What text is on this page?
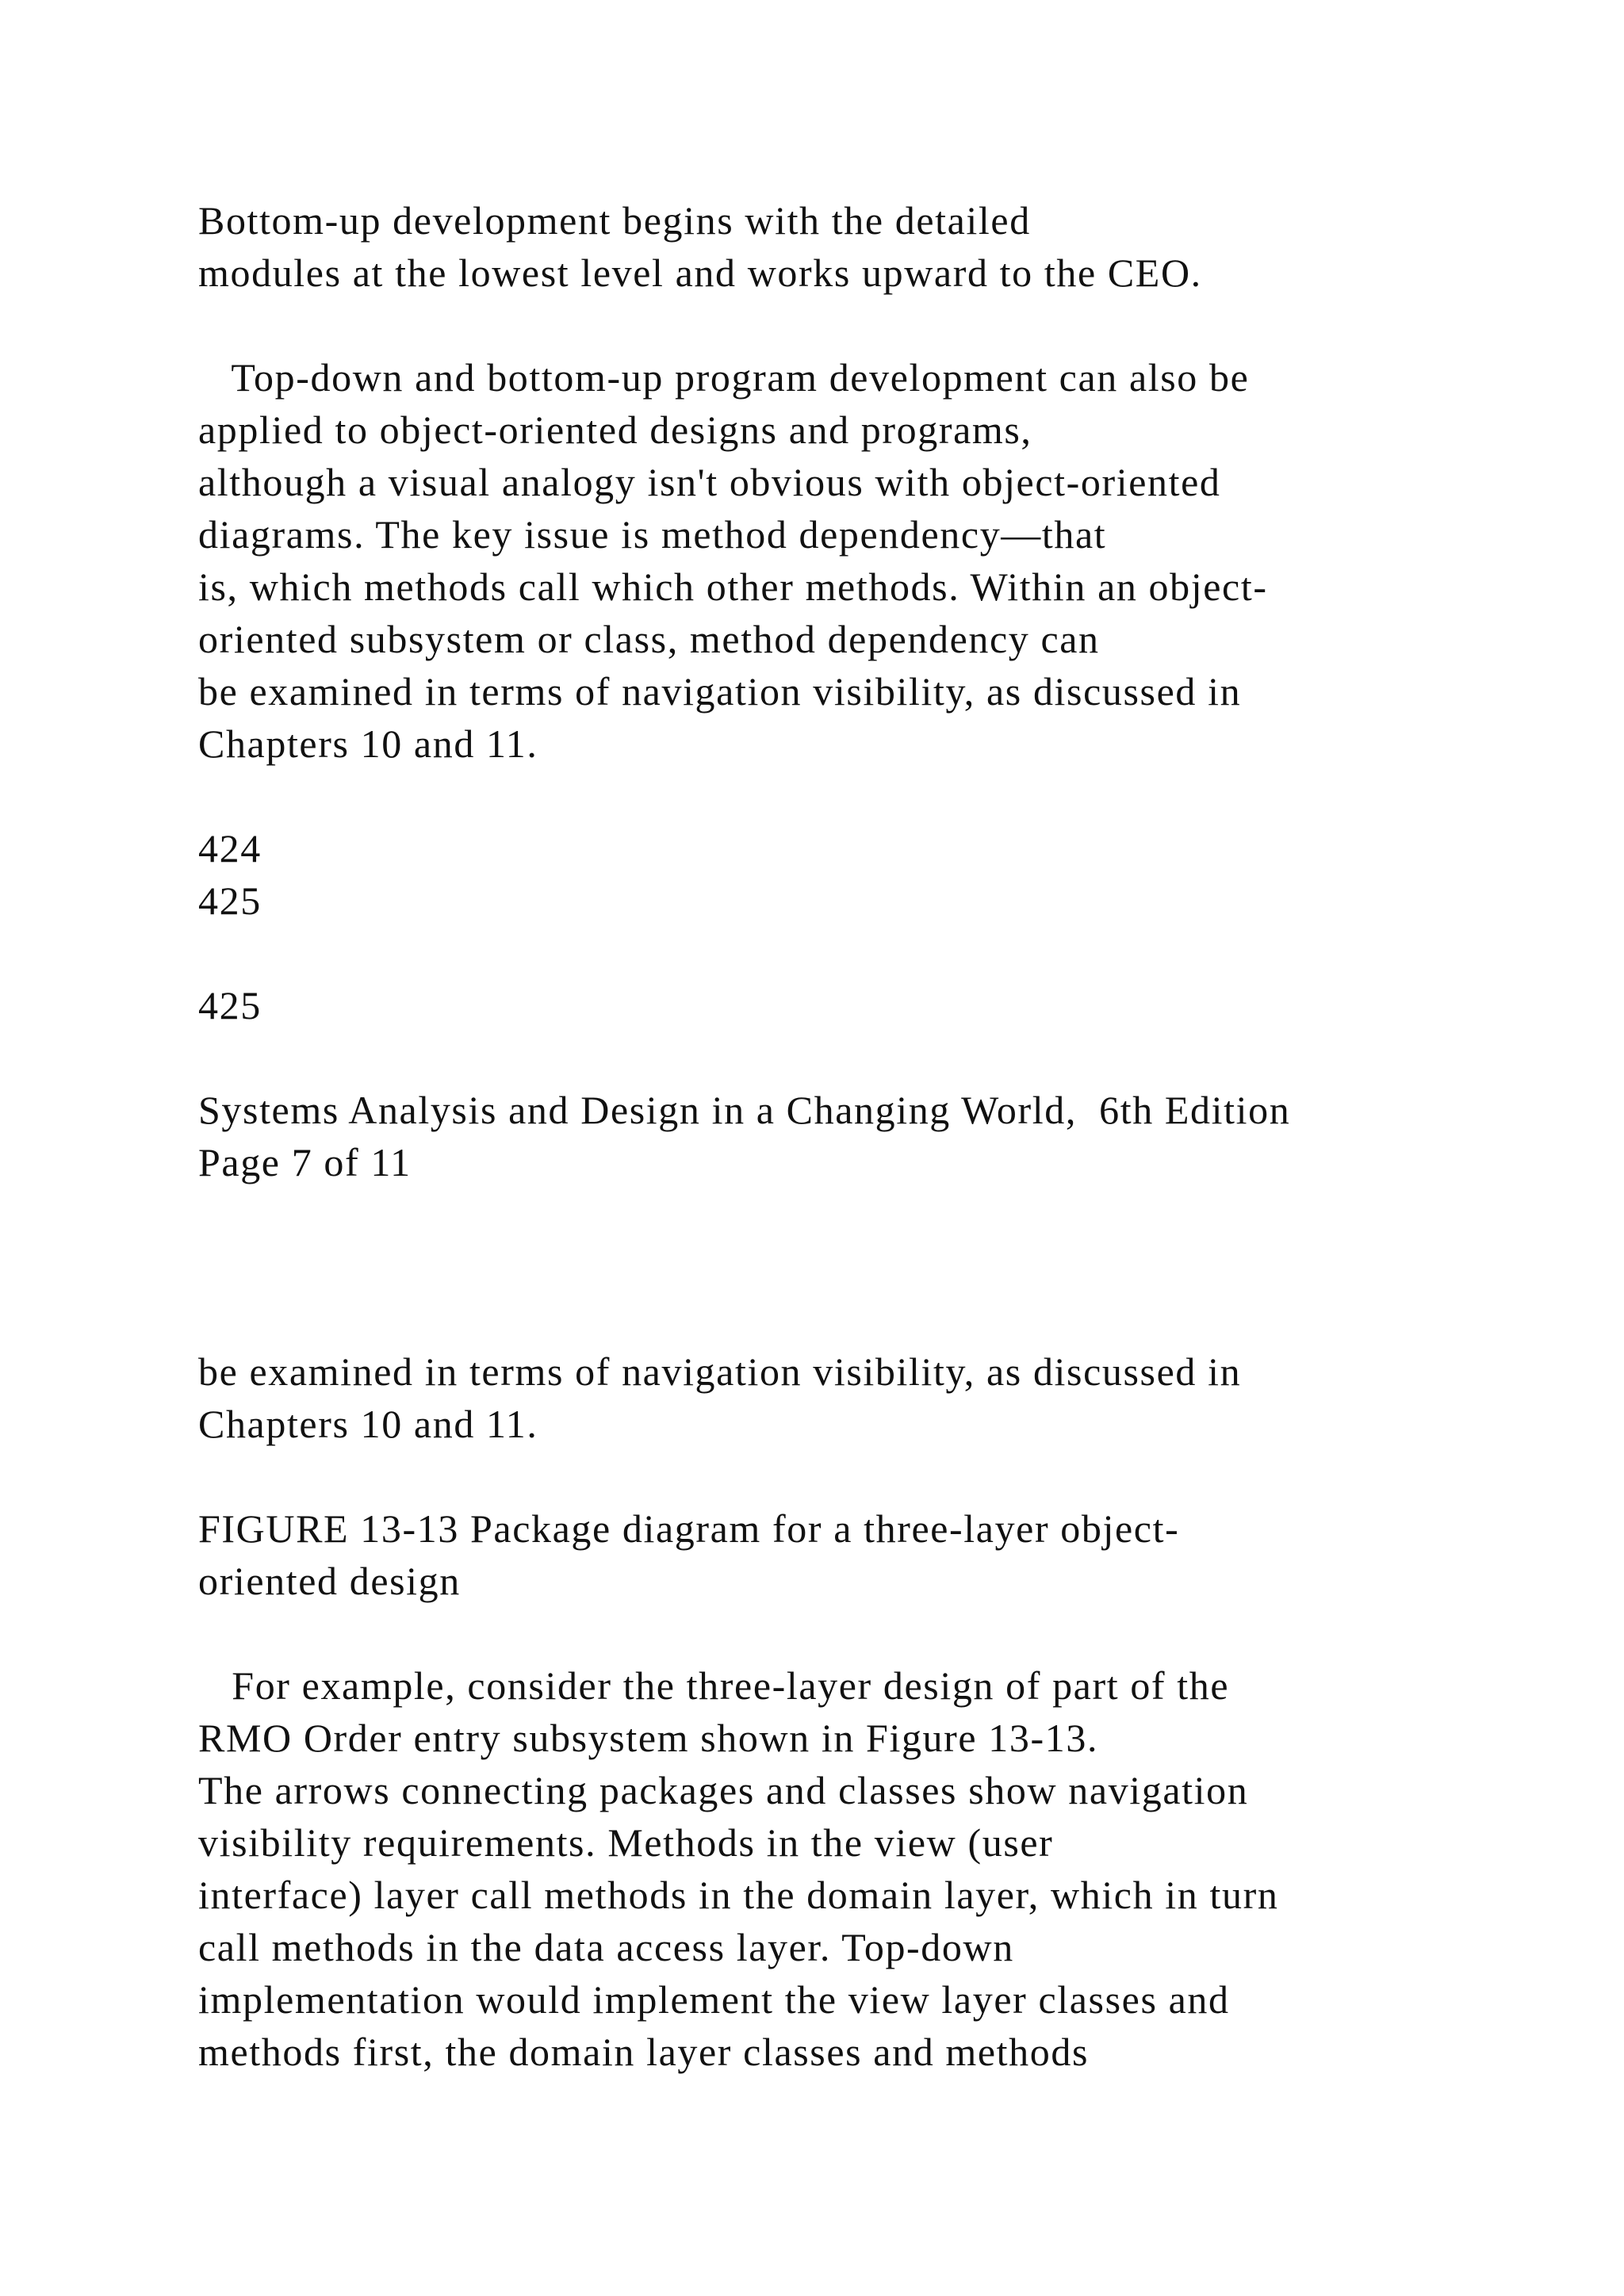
Bottom-up development begins with the detailed
modules at the lowest level and works upward to the CEO.
Top-down and bottom-up program development can also be
applied to object-oriented designs and programs,
although a visual analogy isn't obvious with object-oriented
diagrams. The key issue is method dependency—that
is, which methods call which other methods. Within an object-
oriented subsystem or class, method dependency can
be examined in terms of navigation visibility, as discussed in
Chapters 10 and 11.
424
425
425
Systems Analysis and Design in a Changing World,  6th Edition
Page 7 of 11
be examined in terms of navigation visibility, as discussed in
Chapters 10 and 11.
FIGURE 13-13 Package diagram for a three-layer object-
oriented design
For example, consider the three-layer design of part of the
RMO Order entry subsystem shown in Figure 13-13.
The arrows connecting packages and classes show navigation
visibility requirements. Methods in the view (user
interface) layer call methods in the domain layer, which in turn
call methods in the data access layer. Top-down
implementation would implement the view layer classes and
methods first, the domain layer classes and methods
